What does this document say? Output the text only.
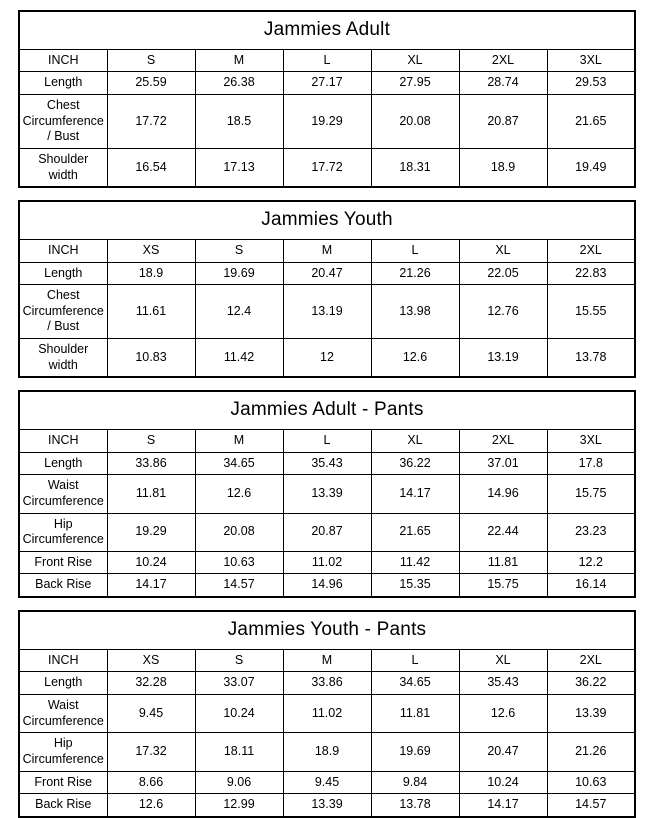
Jammies Adult						
INCH	S	M	L	XL	2XL	3XL
Length	25.59	26.38	27.17	27.95	28.74	29.53
Chest Circumference / Bust	17.72	18.5	19.29	20.08	20.87	21.65
Shoulder width	16.54	17.13	17.72	18.31	18.9	19.49
Jammies Youth						
INCH	XS	S	M	L	XL	2XL
Length	18.9	19.69	20.47	21.26	22.05	22.83
Chest Circumference / Bust	11.61	12.4	13.19	13.98	12.76	15.55
Shoulder width	10.83	11.42	12	12.6	13.19	13.78
Jammies Adult - Pants						
INCH	S	M	L	XL	2XL	3XL
Length	33.86	34.65	35.43	36.22	37.01	17.8
Waist Circumference	11.81	12.6	13.39	14.17	14.96	15.75
Hip Circumference	19.29	20.08	20.87	21.65	22.44	23.23
Front Rise	10.24	10.63	11.02	11.42	11.81	12.2
Back Rise	14.17	14.57	14.96	15.35	15.75	16.14
Jammies Youth - Pants						
INCH	XS	S	M	L	XL	2XL
Length	32.28	33.07	33.86	34.65	35.43	36.22
Waist Circumference	9.45	10.24	11.02	11.81	12.6	13.39
Hip Circumference	17.32	18.11	18.9	19.69	20.47	21.26
Front Rise	8.66	9.06	9.45	9.84	10.24	10.63
Back Rise	12.6	12.99	13.39	13.78	14.17	14.57
